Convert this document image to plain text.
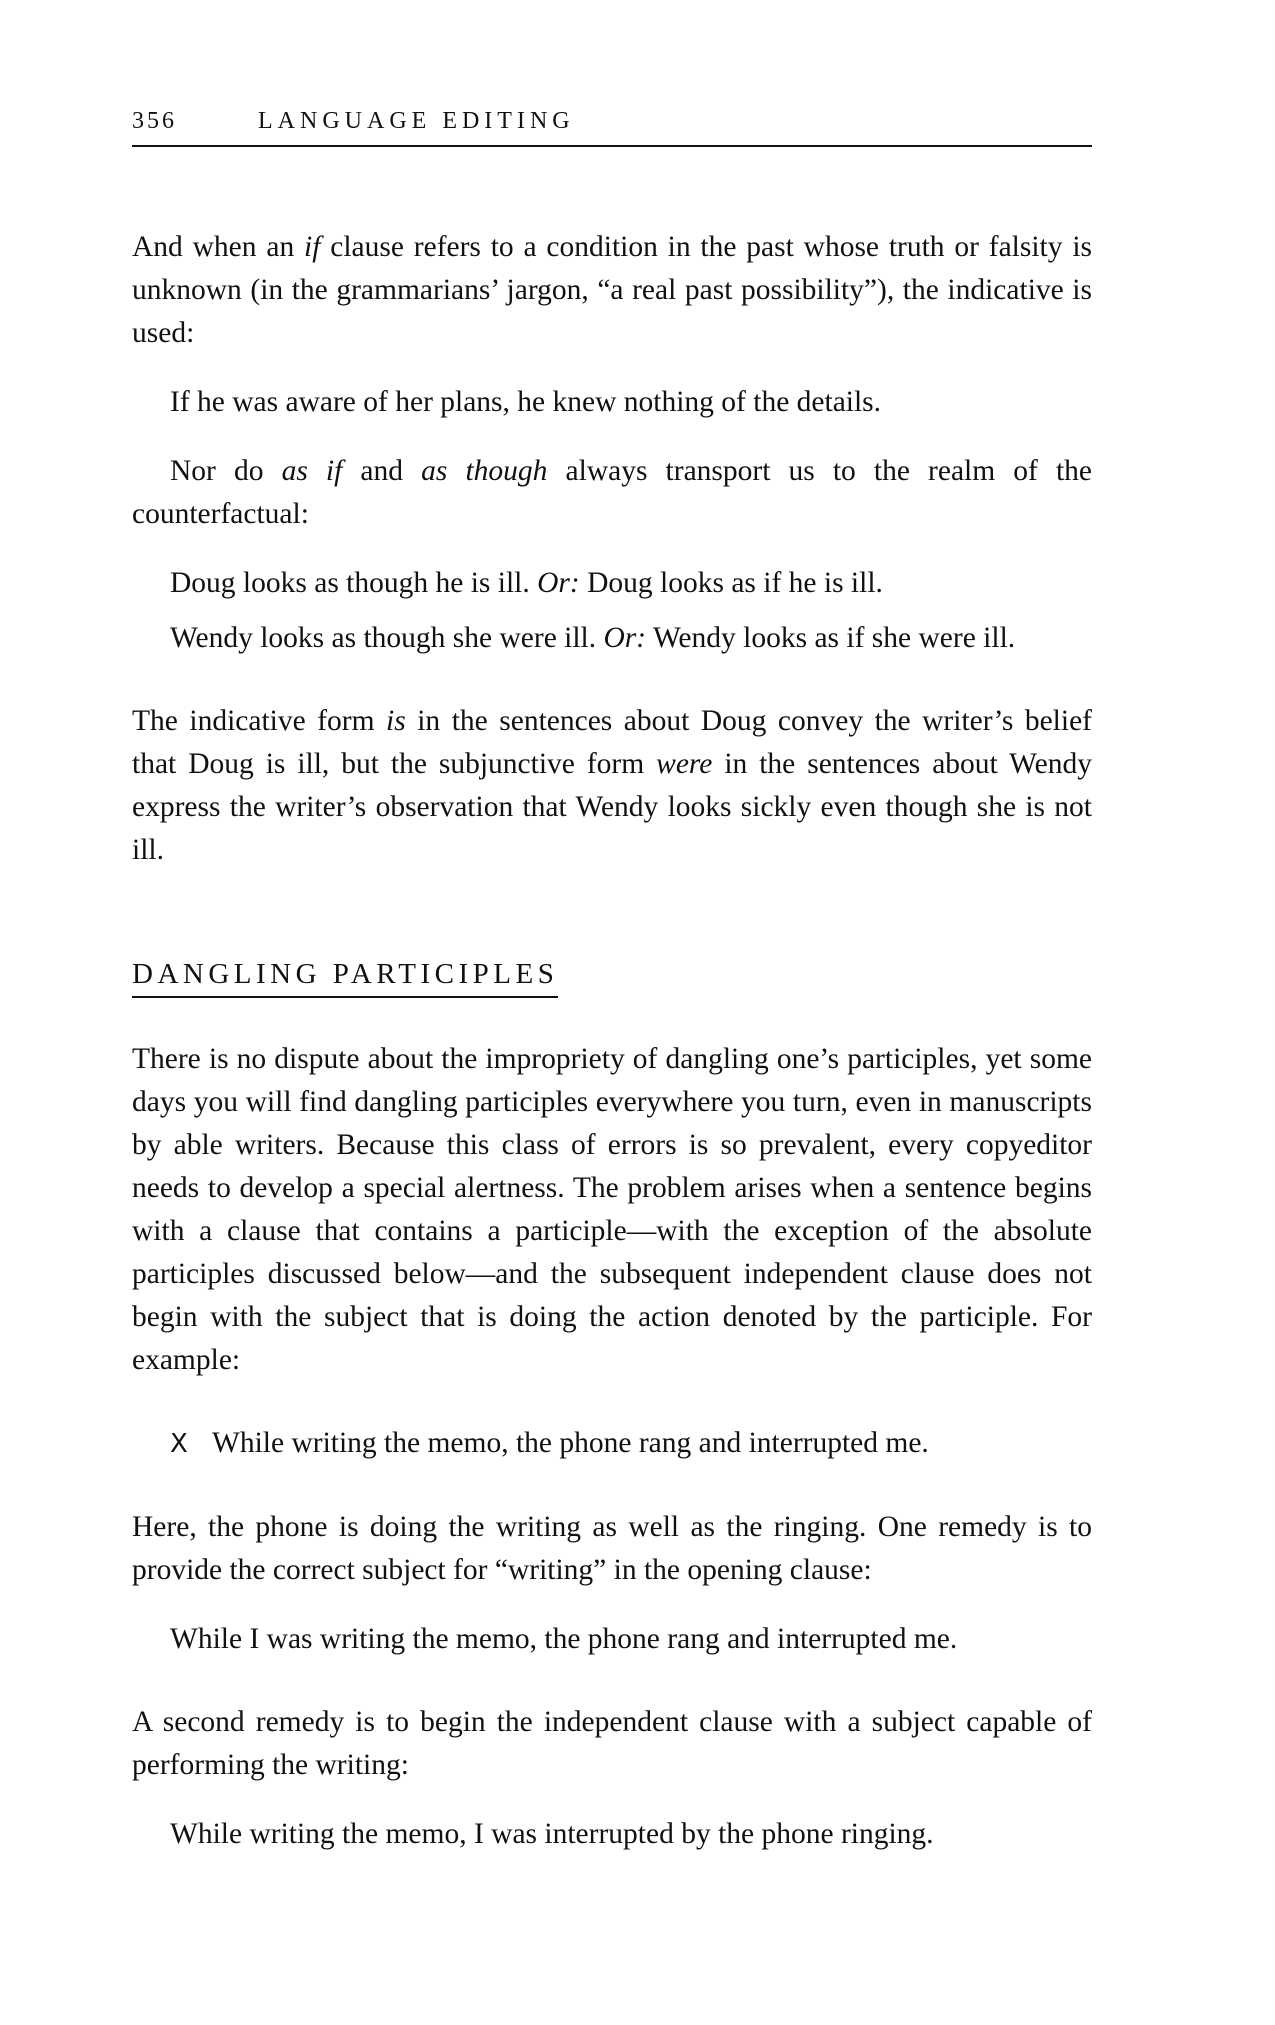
356	LANGUAGE EDITING

And when an if clause refers to a condition in the past whose truth or falsity is unknown (in the grammarians’ jargon, “a real past possibility”), the indicative is used:

If he was aware of her plans, he knew nothing of the details.

Nor do as if and as though always transport us to the realm of the counterfactual:

Doug looks as though he is ill. Or: Doug looks as if he is ill.

Wendy looks as though she were ill. Or: Wendy looks as if she were ill.

The indicative form is in the sentences about Doug convey the writer’s belief that Doug is ill, but the subjunctive form were in the sentences about Wendy express the writer’s observation that Wendy looks sickly even though she is not ill.

DANGLING PARTICIPLES

There is no dispute about the impropriety of dangling one’s participles, yet some days you will find dangling participles everywhere you turn, even in manuscripts by able writers. Because this class of errors is so prevalent, every copyeditor needs to develop a special alertness. The problem arises when a sentence begins with a clause that contains a participle—with the exception of the absolute participles discussed below—and the subsequent independent clause does not begin with the subject that is doing the action denoted by the participle. For example:

X While writing the memo, the phone rang and interrupted me.

Here, the phone is doing the writing as well as the ringing. One remedy is to provide the correct subject for “writing” in the opening clause:

While I was writing the memo, the phone rang and interrupted me.

A second remedy is to begin the independent clause with a subject capable of performing the writing:

While writing the memo, I was interrupted by the phone ringing.
